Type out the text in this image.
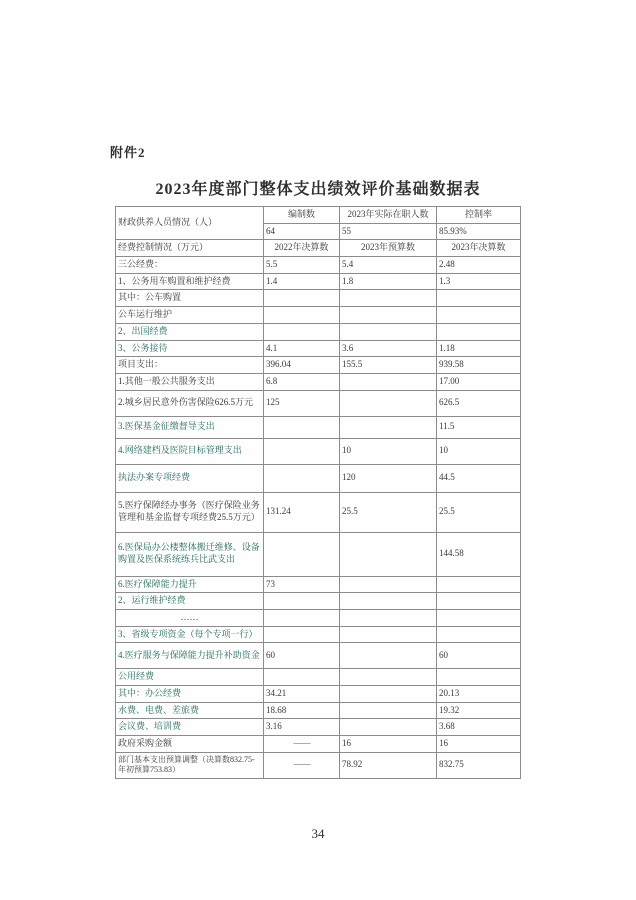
附件2
2023年度部门整体支出绩效评价基础数据表
财政供养人员情况（人）	编制数	2023年实际在职人数	控制率
	64	55	85.93%
经费控制情况（万元）	2022年决算数	2023年预算数	2023年决算数
三公经费：	5.5	5.4	2.48
1、公务用车购置和维护经费	1.4	1.8	1.3
其中：公车购置			
公车运行维护			
2、出国经费			
3、公务接待	4.1	3.6	1.18
项目支出：	396.04	155.5	939.58
1.其他一般公共服务支出	6.8		17.00
2.城乡居民意外伤害保险626.5万元	125		626.5
3.医保基金征缴督导支出			11.5
4.网络建档及医院目标管理支出		10	10
执法办案专项经费		120	44.5
5.医疗保障经办事务（医疗保险业务管理和基金监督专项经费25.5万元）	131.24	25.5	25.5
6.医保局办公楼整体搬迁维修、设备购置及医保系统练兵比武支出			144.58
6.医疗保障能力提升	73		
2、运行维护经费			
……			
3、省级专项资金（每个专项一行）			
4.医疗服务与保障能力提升补助资金	60		60
公用经费			
其中：办公经费	34.21		20.13
水费、电费、差旅费	18.68		19.32
会议费、培训费	3.16		3.68
政府采购金额	——	16	16
部门基本支出预算调整（决算数832.75-年初预算753.83）	——	78.92	832.75
34
